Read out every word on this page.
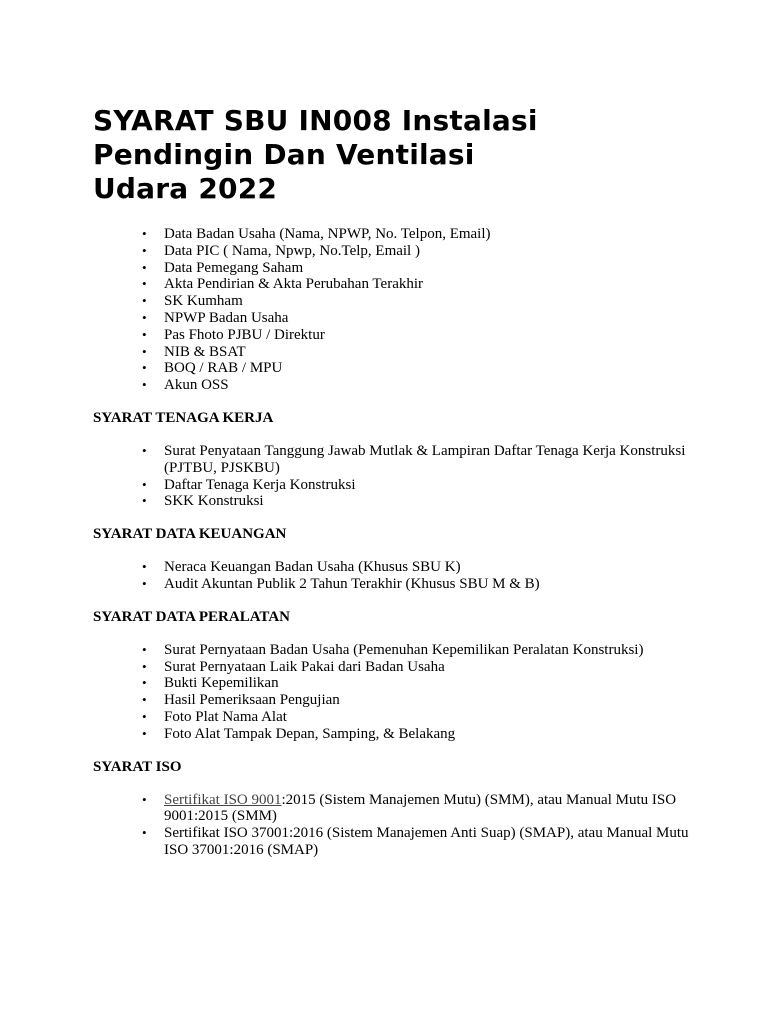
SYARAT SBU IN008 Instalasi Pendingin Dan Ventilasi Udara 2022
• Data Badan Usaha (Nama, NPWP, No. Telpon, Email)
• Data PIC ( Nama, Npwp, No.Telp, Email )
• Data Pemegang Saham
• Akta Pendirian & Akta Perubahan Terakhir
• SK Kumham
• NPWP Badan Usaha
• Pas Fhoto PJBU / Direktur
• NIB & BSAT
• BOQ / RAB / MPU
• Akun OSS
SYARAT TENAGA KERJA
• Surat Penyataan Tanggung Jawab Mutlak & Lampiran Daftar Tenaga Kerja Konstruksi (PJTBU, PJSKBU)
• Daftar Tenaga Kerja Konstruksi
• SKK Konstruksi
SYARAT DATA KEUANGAN
• Neraca Keuangan Badan Usaha (Khusus SBU K)
• Audit Akuntan Publik 2 Tahun Terakhir (Khusus SBU M & B)
SYARAT DATA PERALATAN
• Surat Pernyataan Badan Usaha (Pemenuhan Kepemilikan Peralatan Konstruksi)
• Surat Pernyataan Laik Pakai dari Badan Usaha
• Bukti Kepemilikan
• Hasil Pemeriksaan Pengujian
• Foto Plat Nama Alat
• Foto Alat Tampak Depan, Samping, & Belakang
SYARAT ISO
• Sertifikat ISO 9001:2015 (Sistem Manajemen Mutu) (SMM), atau Manual Mutu ISO 9001:2015 (SMM)
• Sertifikat ISO 37001:2016 (Sistem Manajemen Anti Suap) (SMAP), atau Manual Mutu ISO 37001:2016 (SMAP)
